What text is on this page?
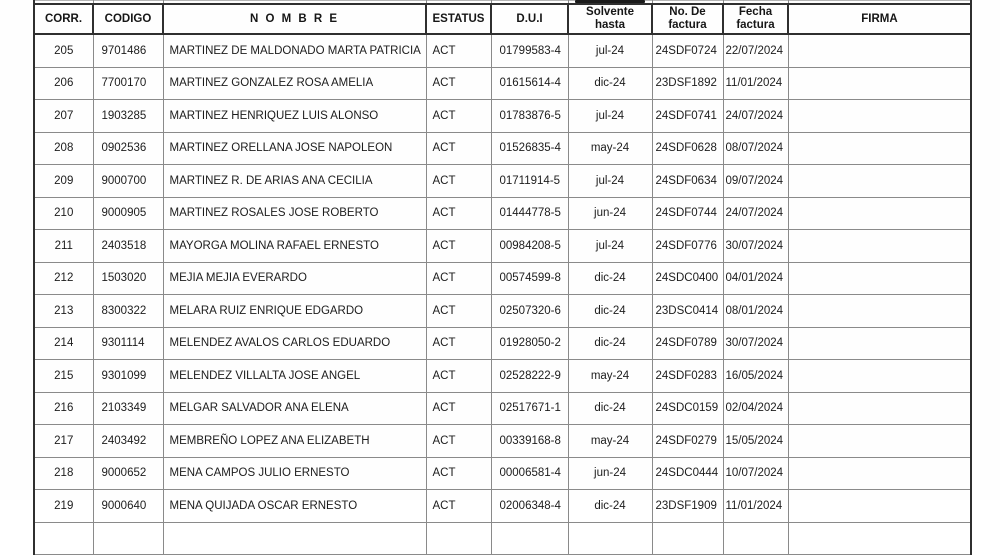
CORR.	CODIGO	N O M B R E	ESTATUS	D.U.I	Solvente hasta	No. De factura	Fecha factura	FIRMA
205	9701486	MARTINEZ DE MALDONADO MARTA PATRICIA	ACT	01799583-4	jul-24	24SDF0724	22/07/2024	
206	7700170	MARTINEZ GONZALEZ ROSA AMELIA	ACT	01615614-4	dic-24	23DSF1892	11/01/2024	
207	1903285	MARTINEZ HENRIQUEZ LUIS ALONSO	ACT	01783876-5	jul-24	24SDF0741	24/07/2024	
208	0902536	MARTINEZ ORELLANA JOSE NAPOLEON	ACT	01526835-4	may-24	24SDF0628	08/07/2024	
209	9000700	MARTINEZ R. DE ARIAS ANA CECILIA	ACT	01711914-5	jul-24	24SDF0634	09/07/2024	
210	9000905	MARTINEZ ROSALES JOSE ROBERTO	ACT	01444778-5	jun-24	24SDF0744	24/07/2024	
211	2403518	MAYORGA MOLINA RAFAEL ERNESTO	ACT	00984208-5	jul-24	24SDF0776	30/07/2024	
212	1503020	MEJIA MEJIA EVERARDO	ACT	00574599-8	dic-24	24SDC0400	04/01/2024	
213	8300322	MELARA RUIZ ENRIQUE EDGARDO	ACT	02507320-6	dic-24	23DSC0414	08/01/2024	
214	9301114	MELENDEZ AVALOS CARLOS EDUARDO	ACT	01928050-2	dic-24	24SDF0789	30/07/2024	
215	9301099	MELENDEZ VILLALTA JOSE ANGEL	ACT	02528222-9	may-24	24SDF0283	16/05/2024	
216	2103349	MELGAR SALVADOR ANA ELENA	ACT	02517671-1	dic-24	24SDC0159	02/04/2024	
217	2403492	MEMBREÑO LOPEZ ANA ELIZABETH	ACT	00339168-8	may-24	24SDF0279	15/05/2024	
218	9000652	MENA CAMPOS JULIO ERNESTO	ACT	00006581-4	jun-24	24SDC0444	10/07/2024	
219	9000640	MENA QUIJADA OSCAR ERNESTO	ACT	02006348-4	dic-24	23DSF1909	11/01/2024	
